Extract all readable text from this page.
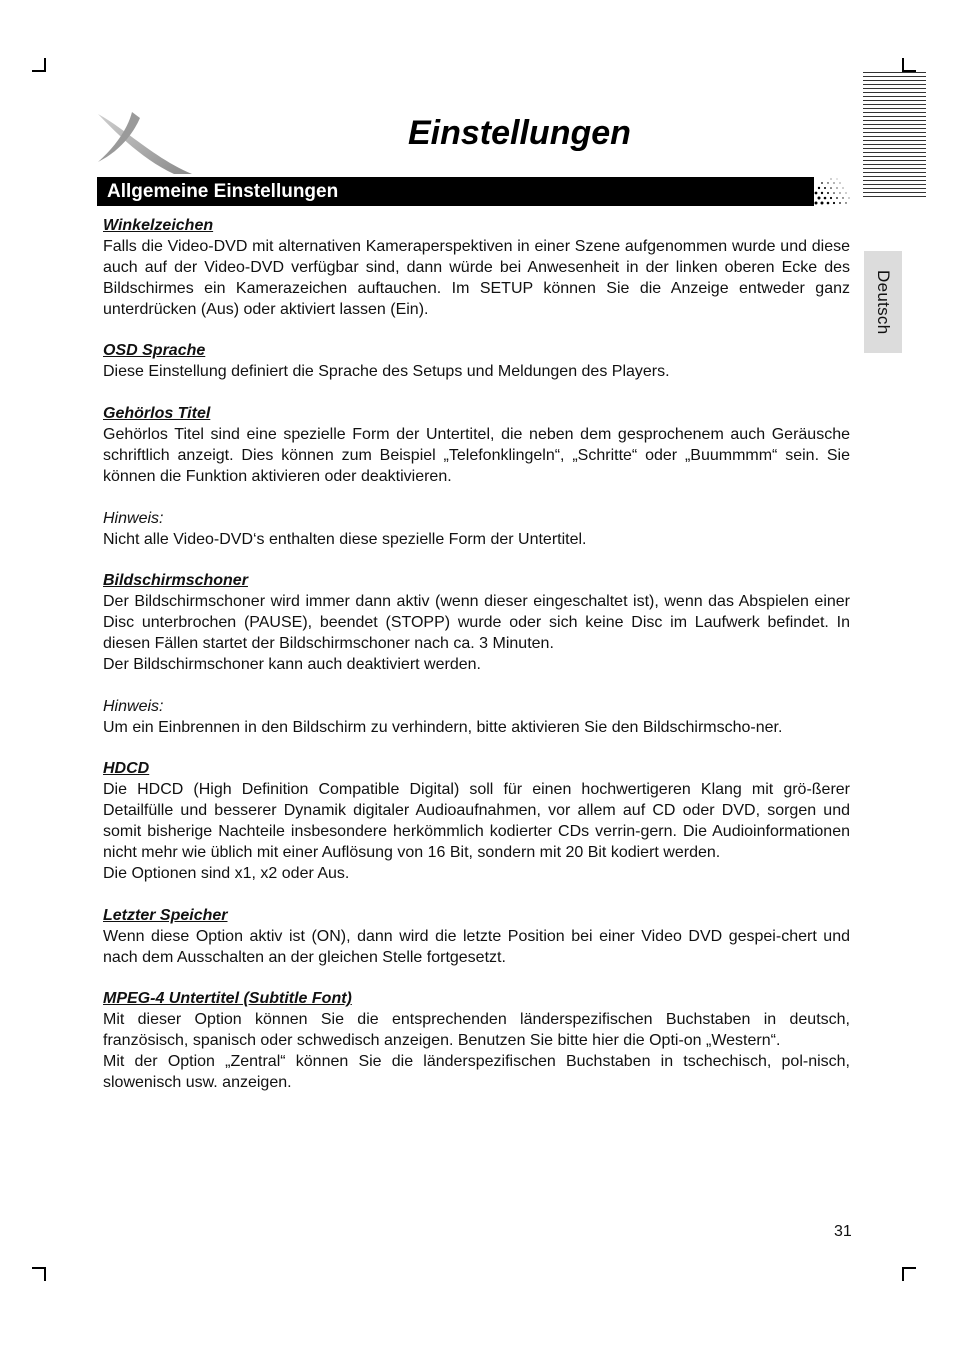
Deutsch
Einstellungen
Allgemeine Einstellungen

Winkelzeichen

Falls die Video-DVD mit alternativen Kameraperspektiven in einer Szene aufgenommen wurde und diese auch auf der Video-DVD verfügbar sind, dann würde bei Anwesenheit in der linken oberen Ecke des Bildschirmes ein Kamerazeichen auftauchen. Im SETUP können Sie die Anzeige entweder ganz unterdrücken (Aus) oder aktiviert lassen (Ein).

OSD Sprache

Diese Einstellung definiert die Sprache des Setups und Meldungen des Players.

Gehörlos Titel

Gehörlos Titel sind eine spezielle Form der Untertitel, die neben dem gesprochenem auch Geräusche schriftlich anzeigt. Dies können zum Beispiel „Telefonklingeln“, „Schritte“ oder „Buummmm“ sein. Sie können die Funktion aktivieren oder deaktivieren.

Hinweis:

Nicht alle Video-DVD‘s enthalten diese spezielle Form der Untertitel.

Bildschirmschoner

Der Bildschirmschoner wird immer dann aktiv (wenn dieser eingeschaltet ist), wenn das Abspielen einer Disc unterbrochen (PAUSE), beendet (STOPP) wurde oder sich keine Disc im Laufwerk befindet. In diesen Fällen startet der Bildschirmschoner nach ca. 3 Minuten.

Der Bildschirmschoner kann auch deaktiviert werden.

Hinweis:

Um ein Einbrennen in den Bildschirm zu verhindern, bitte aktivieren Sie den Bildschirmscho-ner.

HDCD

Die HDCD (High Definition Compatible Digital) soll für einen hochwertigeren Klang mit grö-ßerer Detailfülle und besserer Dynamik digitaler Audioaufnahmen, vor allem auf CD oder DVD, sorgen und somit bisherige Nachteile insbesondere herkömmlich kodierter CDs verrin-gern. Die Audioinformationen nicht mehr wie üblich mit einer Auflösung von 16 Bit, sondern mit 20 Bit kodiert werden.

Die Optionen sind x1, x2 oder Aus.

Letzter Speicher

Wenn diese Option aktiv ist (ON), dann wird die letzte Position bei einer Video DVD gespei-chert und nach dem Ausschalten an der gleichen Stelle fortgesetzt.

MPEG-4 Untertitel (Subtitle Font)

Mit dieser Option können Sie die entsprechenden länderspezifischen Buchstaben in deutsch, französisch, spanisch oder schwedisch anzeigen. Benutzen Sie bitte hier die Opti-on „Western“.

Mit der Option „Zentral“ können Sie die länderspezifischen Buchstaben in tschechisch, pol-nisch, slowenisch usw. anzeigen.

31
